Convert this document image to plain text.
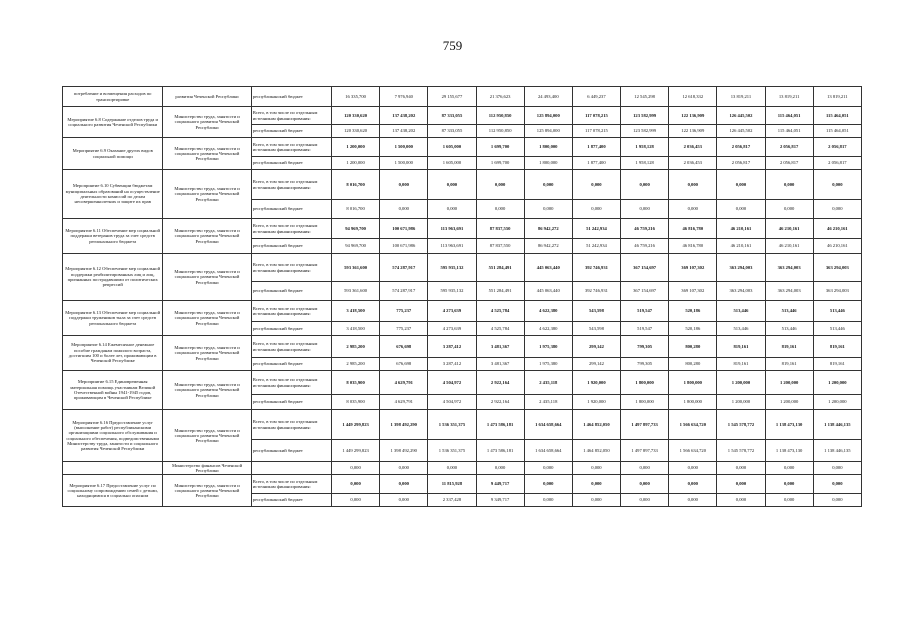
759
потребление и возмещения расходов по транспортировке	развития Чеченской Республики	республиканский бюджет	16 335,700	7 976,940	29 155,677	21 376,623	24 493,400	6 449,237	12 545,298	12 618,332	13 819,211	13 819,211	13 819,211
Мероприятие 6.8 Содержание отделов труда и социального развития Чеченской Республики	Министерство труда, занятости и социального развития Чеченской Республики	Всего, в том числе по отдельным источникам финансирования:	120 330,620	137 438,202	87 333,055	112 950,850	125 894,000	117 078,215	123 582,999	122 136,909	126 445,502	115 464,051	115 464,051
		республиканский бюджет	120 330,620	137 438,202	87 333,055	112 950,850	125 894,000	117 078,215	123 582,999	122 136,909	126 445,502	115 464,051	115 464,051
Мероприятие 6.9 Оказание других видов социальной помощи	Министерство труда, занятости и социального развития Чеченской Республики	Всего, в том числе по отдельным источникам финансирования:	1 200,000	1 500,000	1 605,000	1 699,700	1 800,000	1 877,400	1 958,128	2 036,453	2 056,817	2 056,817	2 056,817
		республиканский бюджет	1 200,000	1 500,000	1 605,000	1 699,700	1 800,000	1 877,400	1 958,128	2 036,453	2 056,817	2 056,817	2 056,817
Мероприятие 6.10 Субвенции бюджетам муниципальных образований на осуществление деятельности комиссий по делам несовершеннолетних и защите их прав	Министерство труда, занятости и социального развития Чеченской Республики	Всего, в том числе по отдельным источникам финансирования:	8 016,700	0,000	0,000	0,000	0,000	0,000	0,000	0,000	0,000	0,000	0,000
		республиканский бюджет	8 016,700	0,000	0,000	0,000	0,000	0,000	0,000	0,000	0,000	0,000	0,000
Мероприятие 6.11 Обеспечение мер социальной поддержки ветеранов труда за счет средств регионального бюджета	Министерство труда, занятости и социального развития Чеченской Республики	Всего, в том числе по отдельным источникам финансирования:	94 969,700	100 671,986	113 963,691	87 837,550	86 942,272	51 242,934	46 759,216	46 816,780	46 210,161	46 210,161	46 210,161
		республиканский бюджет	94 969,700	100 671,986	113 963,691	87 837,550	86 942,272	51 242,934	46 759,216	46 816,780	46 210,161	46 210,161	46 210,161
Мероприятие 6.12 Обеспечение мер социальной поддержки реабилитированных лиц и лиц, признанных пострадавшими от политических репрессий	Министерство труда, занятости и социального развития Чеченской Республики	Всего, в том числе по отдельным источникам финансирования:	593 361,600	574 287,917	595 935,132	551 284,491	445 063,440	392 746,931	367 154,697	369 107,302	363 294,003	363 294,003	363 294,003
		республиканский бюджет	593 361,600	574 287,917	595 935,132	551 284,491	445 063,440	392 746,931	367 154,697	369 107,302	363 294,003	363 294,003	363 294,003
Мероприятие 6.13 Обеспечение мер социальной поддержки тружеников тыла за счет средств регионального бюджета	Министерство труда, занятости и социального развития Чеченской Республики	Всего, в том числе по отдельным источникам финансирования:	3 418,500	775,237	4 273,639	4 525,784	4 622,380	543,598	519,547	520,186	513,446	513,446	513,446
		республиканский бюджет	3 418,500	775,237	4 273,639	4 525,784	4 622,380	543,598	519,547	520,186	513,446	513,446	513,446
Мероприятие 6.14 Ежемесячное денежное пособие гражданам пожилого возраста, достигшим 100 и более лет, проживающим в Чеченской Республике	Министерство труда, занятости и социального развития Чеченской Республики	Всего, в том числе по отдельным источникам финансирования:	2 985,200	676,698	3 287,412	3 481,367	1 975,380	299,142	799,305	800,280	819,161	819,161	819,161
		республиканский бюджет	2 985,200	676,698	3 287,412	3 481,367	1 975,380	299,142	799,305	800,280	819,161	819,161	819,161
Мероприятие 6.15 Единовременная материальная помощь участникам Великой Отечественной войны 1941-1945 годов, проживающим в Чеченской Республике	Министерство труда, занятости и социального развития Чеченской Республики	Всего, в том числе по отдельным источникам финансирования:	8 035,900	4 629,791	4 504,972	2 922,164	2 435,118	1 920,000	1 800,000	1 800,000	1 200,000	1 200,000	1 200,000
		республиканский бюджет	8 035,900	4 629,791	4 504,972	2 922,164	2 435,118	1 920,000	1 800,000	1 800,000	1 200,000	1 200,000	1 200,000
Мероприятие 6.16 Предоставление услуг (выполнение работ) республиканскими организациями социального обслуживания и социального обеспечения, подведомственными Министерству труда, занятости и социального развития Чеченской Республики	Министерство труда, занятости и социального развития Чеченской Республики	Всего, в том числе по отдельным источникам финансирования:	1 449 299,823	1 398 492,290	1 536 351,375	1 473 586,181	1 634 658,664	1 464 852,050	1 497 897,733	1 566 634,720	1 545 578,772	1 138 473,130	1 138 446,135
		республиканский бюджет	1 449 299,823	1 398 492,290	1 536 351,375	1 473 586,181	1 634 658,664	1 464 852,050	1 497 897,733	1 566 634,720	1 545 578,772	1 138 473,130	1 138 446,135
	Министерство финансов Чеченской Республики		0,000	0,000	0,000	0,000	0,000	0,000	0,000	0,000	0,000	0,000	0,000
Мероприятие 6.17 Предоставление услуг по социальному сопровождению семей с детьми, находящимися в социально опасном	Министерство труда, занятости и социального развития Чеченской Республики	Всего, в том числе по отдельным источникам финансирования:	0,000	0,000	11 815,928	9 449,717	0,000	0,000	0,000	0,000	0,000	0,000	0,000
		республиканский бюджет	0,000	0,000	2 337,428	9 349,717	0,000	0,000	0,000	0,000	0,000	0,000	0,000
